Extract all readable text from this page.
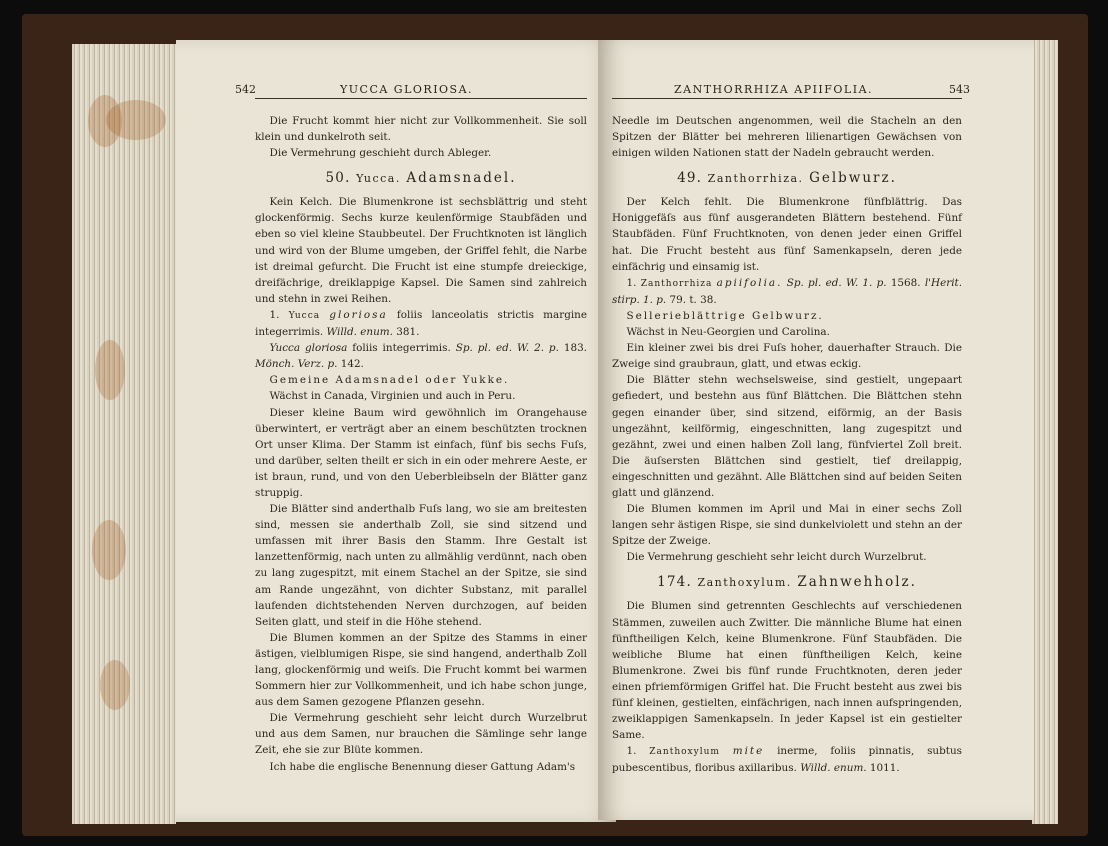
542	YUCCA GLORIOSA.

Die Frucht kommt hier nicht zur Vollkommenheit. Sie soll klein und dunkelroth seit.

Die Vermehrung geschieht durch Ableger.

50. Yucca. Adamsnadel.

Kein Kelch. Die Blumenkrone ist sechsblättrig und steht glockenförmig. Sechs kurze keulenförmige Staubfäden und eben so viel kleine Staubbeutel. Der Fruchtknoten ist länglich und wird von der Blume umgeben, der Griffel fehlt, die Narbe ist dreimal gefurcht. Die Frucht ist eine stumpfe dreieckige, dreifächrige, dreiklappige Kapsel. Die Samen sind zahlreich und stehn in zwei Reihen.

1. Yucca gloriosa foliis lanceolatis strictis margine integerrimis. Willd. enum. 381.

Yucca gloriosa foliis integerrimis. Sp. pl. ed. W. 2. p. 183. Mönch. Verz. p. 142.

Gemeine Adamsnadel oder Yukke.

Wächst in Canada, Virginien und auch in Peru.

Dieser kleine Baum wird gewöhnlich im Orangehause überwintert, er verträgt aber an einem beschützten trocknen Ort unser Klima. Der Stamm ist einfach, fünf bis sechs Fuſs, und darüber, selten theilt er sich in ein oder mehrere Aeste, er ist braun, rund, und von den Ueberbleibseln der Blätter ganz struppig.

Die Blätter sind anderthalb Fuſs lang, wo sie am breitesten sind, messen sie anderthalb Zoll, sie sind sitzend und umfassen mit ihrer Basis den Stamm. Ihre Gestalt ist lanzettenförmig, nach unten zu allmählig verdünnt, nach oben zu lang zugespitzt, mit einem Stachel an der Spitze, sie sind am Rande ungezähnt, von dichter Substanz, mit parallel laufenden dichtstehenden Nerven durchzogen, auf beiden Seiten glatt, und steif in die Höhe stehend.

Die Blumen kommen an der Spitze des Stamms in einer ästigen, vielblumigen Rispe, sie sind hangend, anderthalb Zoll lang, glockenförmig und weiſs. Die Frucht kommt bei warmen Sommern hier zur Vollkommenheit, und ich habe schon junge, aus dem Samen gezogene Pflanzen gesehn.

Die Vermehrung geschieht sehr leicht durch Wurzelbrut und aus dem Samen, nur brauchen die Sämlinge sehr lange Zeit, ehe sie zur Blüte kommen.

Ich habe die englische Benennung dieser Gattung Adam's

ZANTHORRHIZA APIIFOLIA.	543

Needle im Deutschen angenommen, weil die Stacheln an den Spitzen der Blätter bei mehreren lilienartigen Gewächsen von einigen wilden Nationen statt der Nadeln gebraucht werden.

49. Zanthorrhiza. Gelbwurz.

Der Kelch fehlt. Die Blumenkrone fünfblättrig. Das Honiggefäſs aus fünf ausgerandeten Blättern bestehend. Fünf Staubfäden. Fünf Fruchtknoten, von denen jeder einen Griffel hat. Die Frucht besteht aus fünf Samenkapseln, deren jede einfächrig und einsamig ist.

1. Zanthorrhiza apiifolia. Sp. pl. ed. W. 1. p. 1568. l'Herit. stirp. 1. p. 79. t. 38.

Sellerieblättrige Gelbwurz.

Wächst in Neu-Georgien und Carolina.

Ein kleiner zwei bis drei Fuſs hoher, dauerhafter Strauch. Die Zweige sind graubraun, glatt, und etwas eckig.

Die Blätter stehn wechselsweise, sind gestielt, ungepaart gefiedert, und bestehn aus fünf Blättchen. Die Blättchen stehn gegen einander über, sind sitzend, eiförmig, an der Basis ungezähnt, keilförmig, eingeschnitten, lang zugespitzt und gezähnt, zwei und einen halben Zoll lang, fünfviertel Zoll breit. Die äuſsersten Blättchen sind gestielt, tief dreilappig, eingeschnitten und gezähnt. Alle Blättchen sind auf beiden Seiten glatt und glänzend.

Die Blumen kommen im April und Mai in einer sechs Zoll langen sehr ästigen Rispe, sie sind dunkelviolett und stehn an der Spitze der Zweige.

Die Vermehrung geschieht sehr leicht durch Wurzelbrut.

174. Zanthoxylum. Zahnwehholz.

Die Blumen sind getrennten Geschlechts auf verschiedenen Stämmen, zuweilen auch Zwitter. Die männliche Blume hat einen fünftheiligen Kelch, keine Blumenkrone. Fünf Staubfäden. Die weibliche Blume hat einen fünftheiligen Kelch, keine Blumenkrone. Zwei bis fünf runde Fruchtknoten, deren jeder einen pfriemförmigen Griffel hat. Die Frucht besteht aus zwei bis fünf kleinen, gestielten, einfächrigen, nach innen aufspringenden, zweiklappigen Samenkapseln. In jeder Kapsel ist ein gestielter Same.

1. Zanthoxylum mite inerme, foliis pinnatis, subtus pubescentibus, floribus axillaribus. Willd. enum. 1011.
